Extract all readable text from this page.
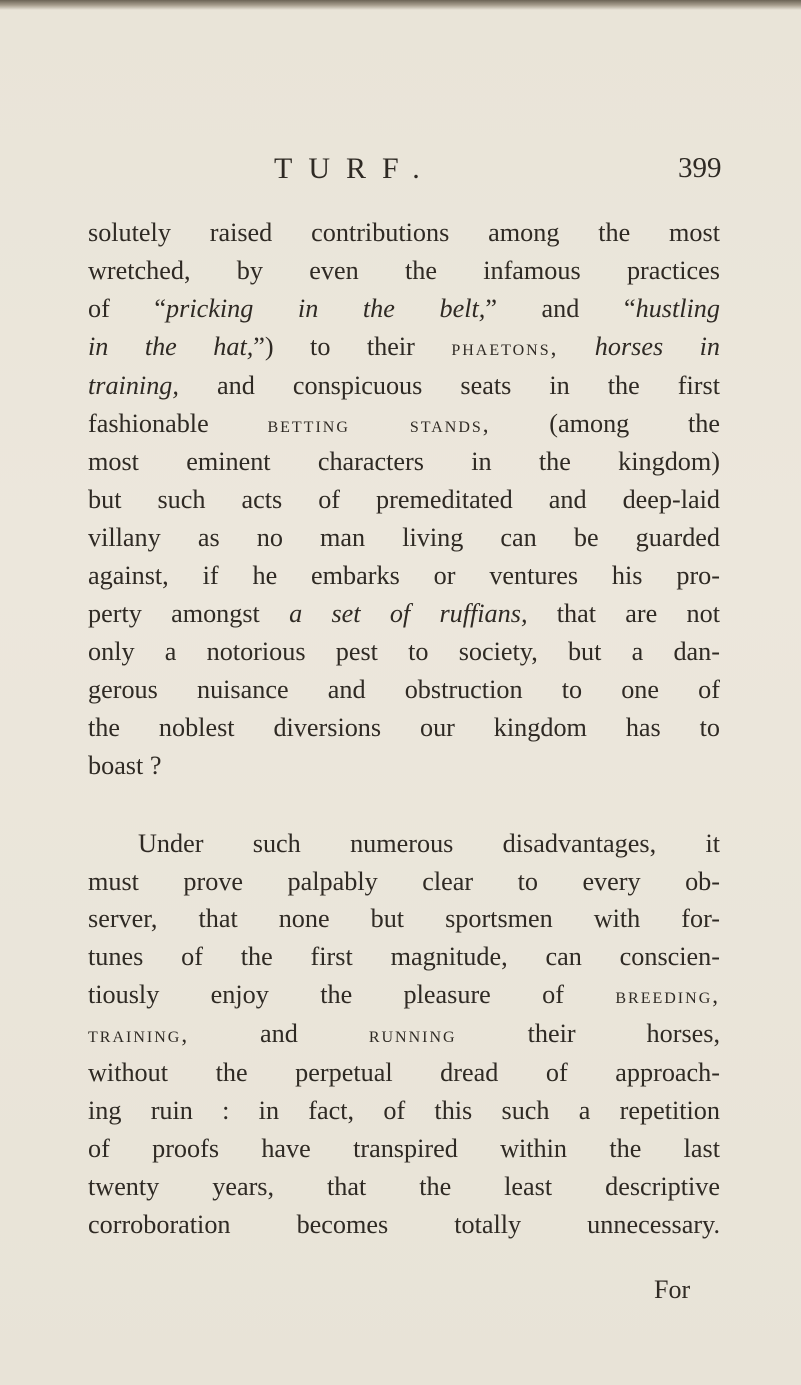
TURF.	399
solutely raised contributions among the most
wretched, by even the infamous practices
of “pricking in the belt,” and “hustling
in the hat,”) to their phaetons, horses in
training, and conspicuous seats in the first
fashionable betting stands, (among the
most eminent characters in the kingdom)
but such acts of premeditated and deep-laid
villany as no man living can be guarded
against, if he embarks or ventures his pro-
perty amongst a set of ruffians, that are not
only a notorious pest to society, but a dan-
gerous nuisance and obstruction to one of
the noblest diversions our kingdom has to
boast ?
Under such numerous disadvantages, it
must prove palpably clear to every ob-
server, that none but sportsmen with for-
tunes of the first magnitude, can conscien-
tiously enjoy the pleasure of breeding,
training, and running their horses,
without the perpetual dread of approach-
ing ruin : in fact, of this such a repetition
of proofs have transpired within the last
twenty years, that the least descriptive
corroboration becomes totally unnecessary.
For
